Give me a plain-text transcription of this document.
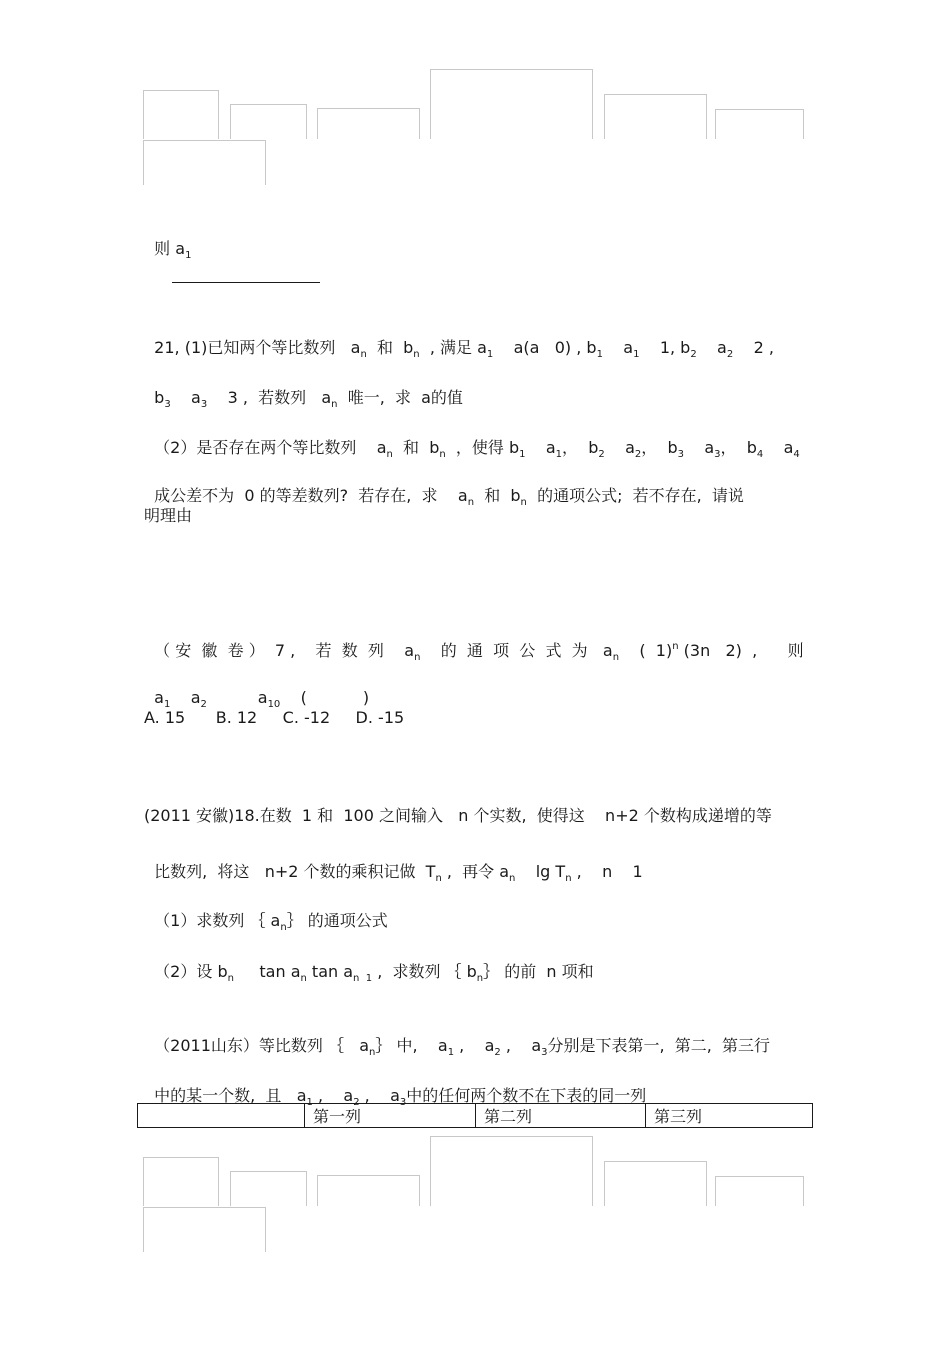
则 $a_1$

21, (1)已知两个等比数列   $a_n$  和  $b_n$  , 满足 $a_1$    a(a   0) , $b_1$    $a_1$    1, $b_2$    $a_2$    2 ,

$b_3$    $a_3$    3 ,  若数列   $a_n$  唯一,  求  a的值

（2）是否存在两个等比数列    $a_n$  和  $b_n$  ，使得 $b_1$    $a_1$，  $b_2$    $a_2$，  $b_3$    $a_3$，  $b_4$    $a_4$

成公差不为  0 的等差数列?  若存在,  求    $a_n$  和  $b_n$  的通项公式;  若不存在,  请说

明理由

（ 安  徽  卷 ）  7 ,    若  数  列    $a_n$    的  通  项  公  式  为   $a_n$    (  1)$^n$ (3n   2)  ,      则

$a_1$    $a_2$          $a_{10}$    (           )

A. 15      B. 12     C. -12     D. -15
(2011 安徽)18.在数  1 和  100 之间输入   n 个实数,  使得这    n+2 个数构成递增的等

比数列,  将这   n+2 个数的乘积记做  $T_n$ ,  再令 $a_n$    $\lg T_n$ ,    n    1

（1）求数列 ｛ $a_n\}$ 的通项公式

（2）设 $b_n$     $\tan a_n$ $\tan a_{n 1}$ ,  求数列 ｛ $b_n\}$ 的前  n 项和

（2011山东）等比数列 ｛   $a_n\}$ 中,    $a_1$ ,    $a_2$ ,    $a_3$分别是下表第一,  第二,  第三行

中的某一个数,  且   $a_1$ ,    $a_2$ ,    $a_3$中的任何两个数不在下表的同一列

	第一列	第二列	第三列
